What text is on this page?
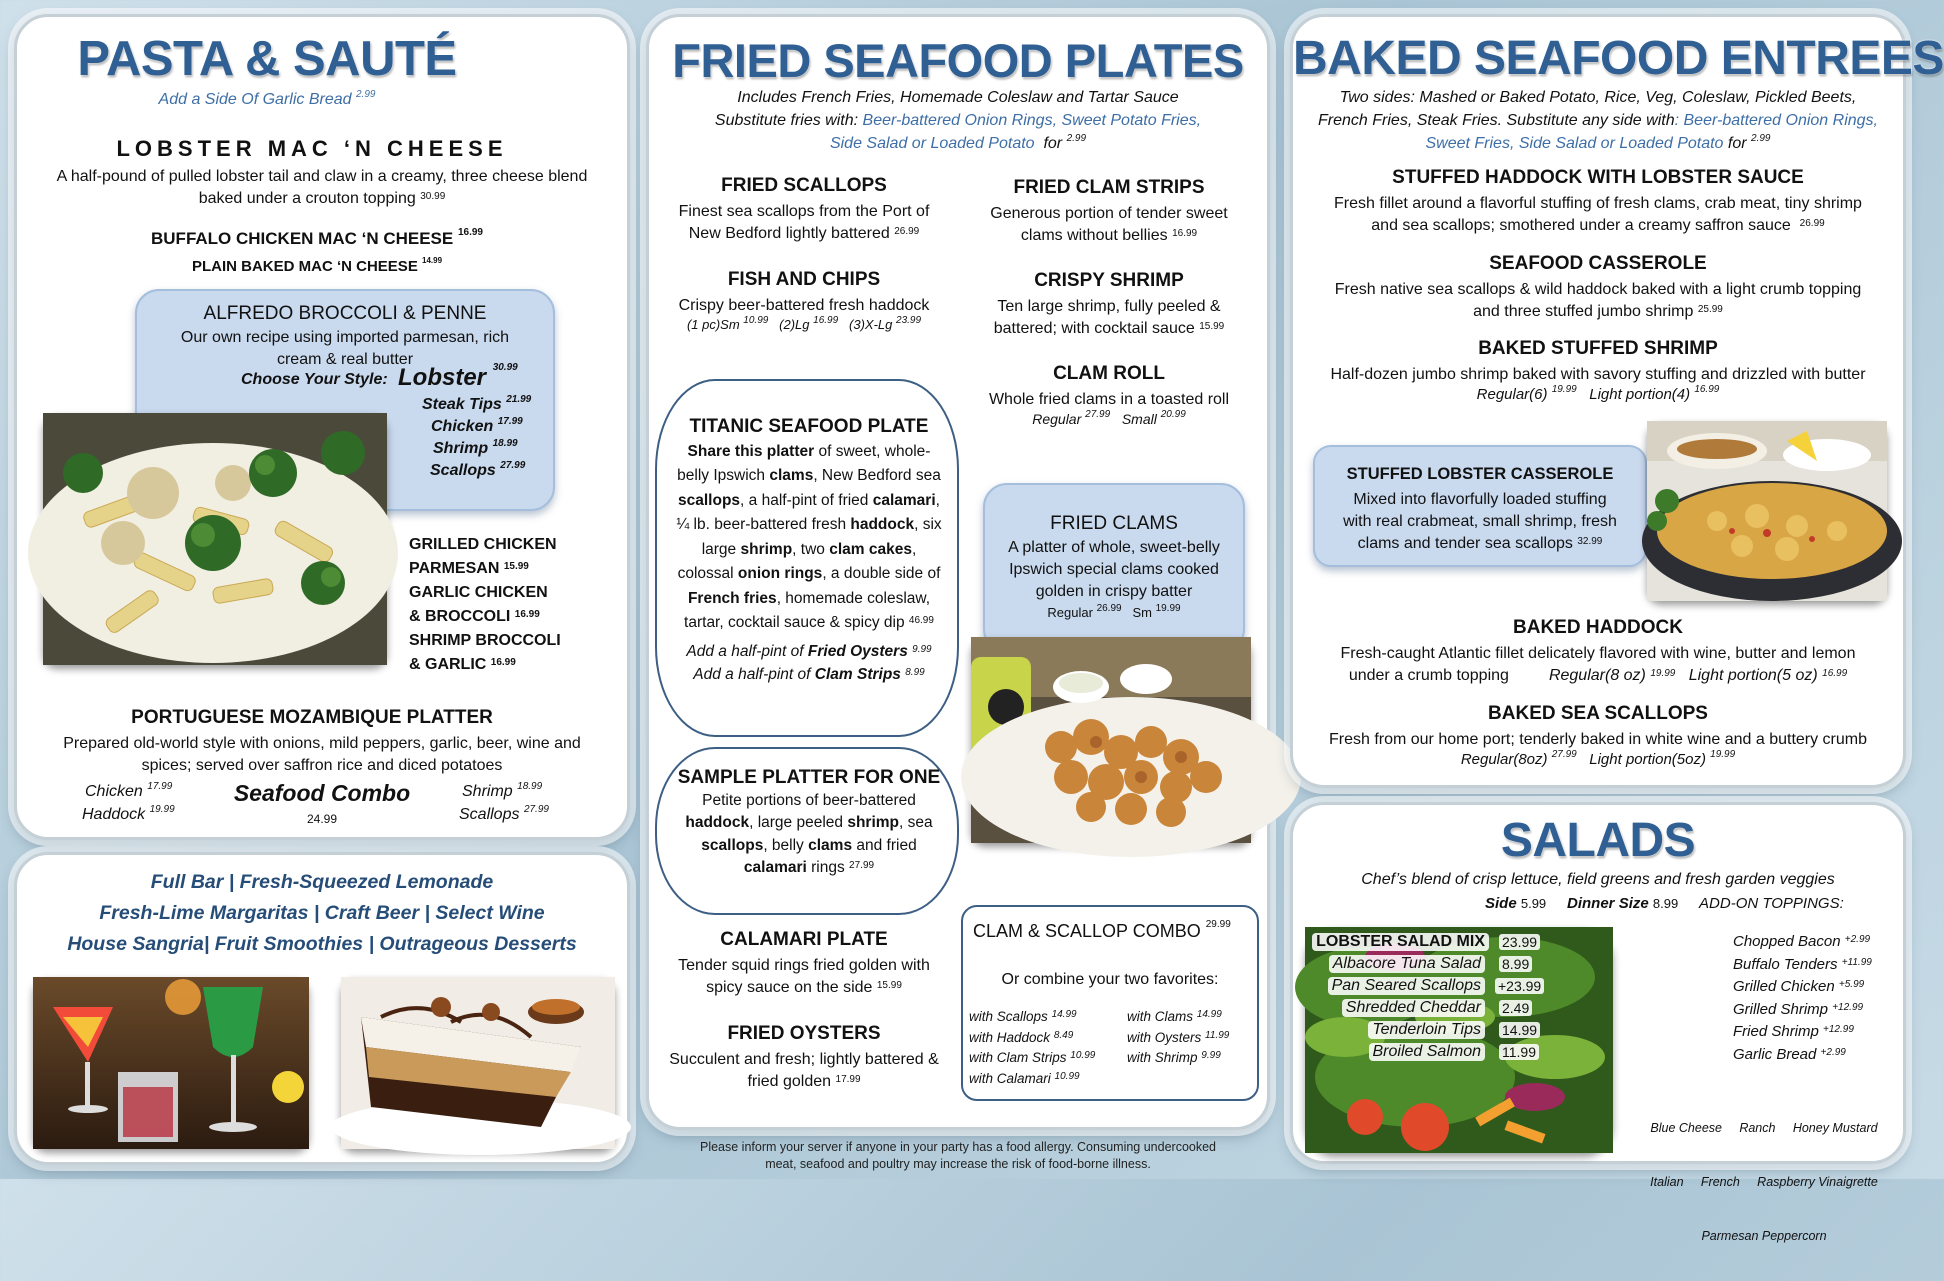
PASTA & SAUTÉ
Add a Side Of Garlic Bread $^{2.99}$
LOBSTER MAC ‘N CHEESE
A half-pound of pulled lobster tail and claw in a creamy, three cheese blend
baked under a crouton topping $^{30.99}$
BUFFALO CHICKEN MAC ‘N CHEESE $^{16.99}$
PLAIN BAKED MAC ‘N CHEESE $^{14.99}$
ALFREDO BROCCOLI & PENNE
Our own recipe using imported parmesan, rich
cream & real butter
Choose Your Style: Lobster $^{30.99}$
Steak Tips $^{21.99}$
Chicken $^{17.99}$
Shrimp $^{18.99}$
Scallops $^{27.99}$
GRILLED CHICKEN
PARMESAN $^{15.99}$
GARLIC CHICKEN
& BROCCOLI $^{16.99}$
SHRIMP BROCCOLI
& GARLIC $^{16.99}$
PORTUGUESE MOZAMBIQUE PLATTER
Prepared old-world style with onions, mild peppers, garlic, beer, wine and
spices; served over saffron rice and diced potatoes
Chicken $^{17.99}$
Haddock $^{19.99}$
Seafood Combo
24.99
Shrimp $^{18.99}$
Scallops $^{27.99}$
Full Bar | Fresh-Squeezed Lemonade
Fresh-Lime Margaritas | Craft Beer | Select Wine
House Sangria| Fruit Smoothies | Outrageous Desserts
FRIED SEAFOOD PLATES
Includes French Fries, Homemade Coleslaw and Tartar Sauce
Substitute fries with: Beer-battered Onion Rings, Sweet Potato Fries,
Side Salad or Loaded Potato for $^{2.99}$
FRIED SCALLOPS
Finest sea scallops from the Port of
New Bedford lightly battered $^{26.99}$
FISH AND CHIPS
Crispy beer-battered fresh haddock
(1 pc)Sm $^{10.99}$ (2)Lg $^{16.99}$ (3)X-Lg $^{23.99}$
FRIED CLAM STRIPS
Generous portion of tender sweet
clams without bellies $^{16.99}$
CRISPY SHRIMP
Ten large shrimp, fully peeled &
battered; with cocktail sauce $^{15.99}$
CLAM ROLL
Whole fried clams in a toasted roll
Regular $^{27.99}$ Small $^{20.99}$
TITANIC SEAFOOD PLATE
Share this platter of sweet, whole-
belly Ipswich clams, New Bedford sea
scallops, a half-pint of fried calamari,
¼ lb. beer-battered fresh haddock, six
large shrimp, two clam cakes,
colossal onion rings, a double side of
French fries, homemade coleslaw,
tartar, cocktail sauce & spicy dip $^{46.99}$
Add a half-pint of Fried Oysters $^{9.99}$
Add a half-pint of Clam Strips $^{8.99}$
FRIED CLAMS
A platter of whole, sweet-belly
Ipswich special clams cooked
golden in crispy batter
Regular $^{26.99}$ Sm $^{19.99}$
SAMPLE PLATTER FOR ONE
Petite portions of beer-battered
haddock, large peeled shrimp, sea
scallops, belly clams and fried
calamari rings $^{27.99}$
CALAMARI PLATE
Tender squid rings fried golden with
spicy sauce on the side $^{15.99}$
FRIED OYSTERS
Succulent and fresh; lightly battered &
fried golden $^{17.99}$
CLAM & SCALLOP COMBO $^{29.99}$
Or combine your two favorites:
with Scallops $^{14.99}$
with Haddock $^{8.49}$
with Clam Strips $^{10.99}$
with Calamari $^{10.99}$
with Clams $^{14.99}$
with Oysters $^{11.99}$
with Shrimp $^{9.99}$
Please inform your server if anyone in your party has a food allergy. Consuming undercooked
meat, seafood and poultry may increase the risk of food-borne illness.
BAKED SEAFOOD ENTREES
Two sides: Mashed or Baked Potato, Rice, Veg, Coleslaw, Pickled Beets,
French Fries, Steak Fries. Substitute any side with: Beer-battered Onion Rings,
Sweet Fries, Side Salad or Loaded Potato for $^{2.99}$
STUFFED HADDOCK WITH LOBSTER SAUCE
Fresh fillet around a flavorful stuffing of fresh clams, crab meat, tiny shrimp
and sea scallops; smothered under a creamy saffron sauce $^{26.99}$
SEAFOOD CASSEROLE
Fresh native sea scallops & wild haddock baked with a light crumb topping
and three stuffed jumbo shrimp $^{25.99}$
BAKED STUFFED SHRIMP
Half-dozen jumbo shrimp baked with savory stuffing and drizzled with butter
Regular(6) $^{19.99}$ Light portion(4) $^{16.99}$
STUFFED LOBSTER CASSEROLE
Mixed into flavorfully loaded stuffing
with real crabmeat, small shrimp, fresh
clams and tender sea scallops $^{32.99}$
BAKED HADDOCK
Fresh-caught Atlantic fillet delicately flavored with wine, butter and lemon
under a crumb topping	Regular(8 oz) $^{19.99}$ Light portion(5 oz) $^{16.99}$
BAKED SEA SCALLOPS
Fresh from our home port; tenderly baked in white wine and a buttery crumb
Regular(8oz) $^{27.99}$ Light portion(5oz) $^{19.99}$
SALADS
Chef’s blend of crisp lettuce, field greens and fresh garden veggies
Side 5.99 Dinner Size 8.99 ADD-ON TOPPINGS:
LOBSTER SALAD MIX 23.99
Albacore Tuna Salad 8.99
Pan Seared Scallops +23.99
Shredded Cheddar 2.49
Tenderloin Tips 14.99
Broiled Salmon 11.99
Chopped Bacon $^{+2.99}$
Buffalo Tenders $^{+11.99}$
Grilled Chicken $^{+5.99}$
Grilled Shrimp $^{+12.99}$
Fried Shrimp $^{+12.99}$
Garlic Bread $^{+2.99}$

Blue Cheese     Ranch     Honey Mustard

Italian     French     Raspberry Vinaigrette

Parmesan Peppercorn
